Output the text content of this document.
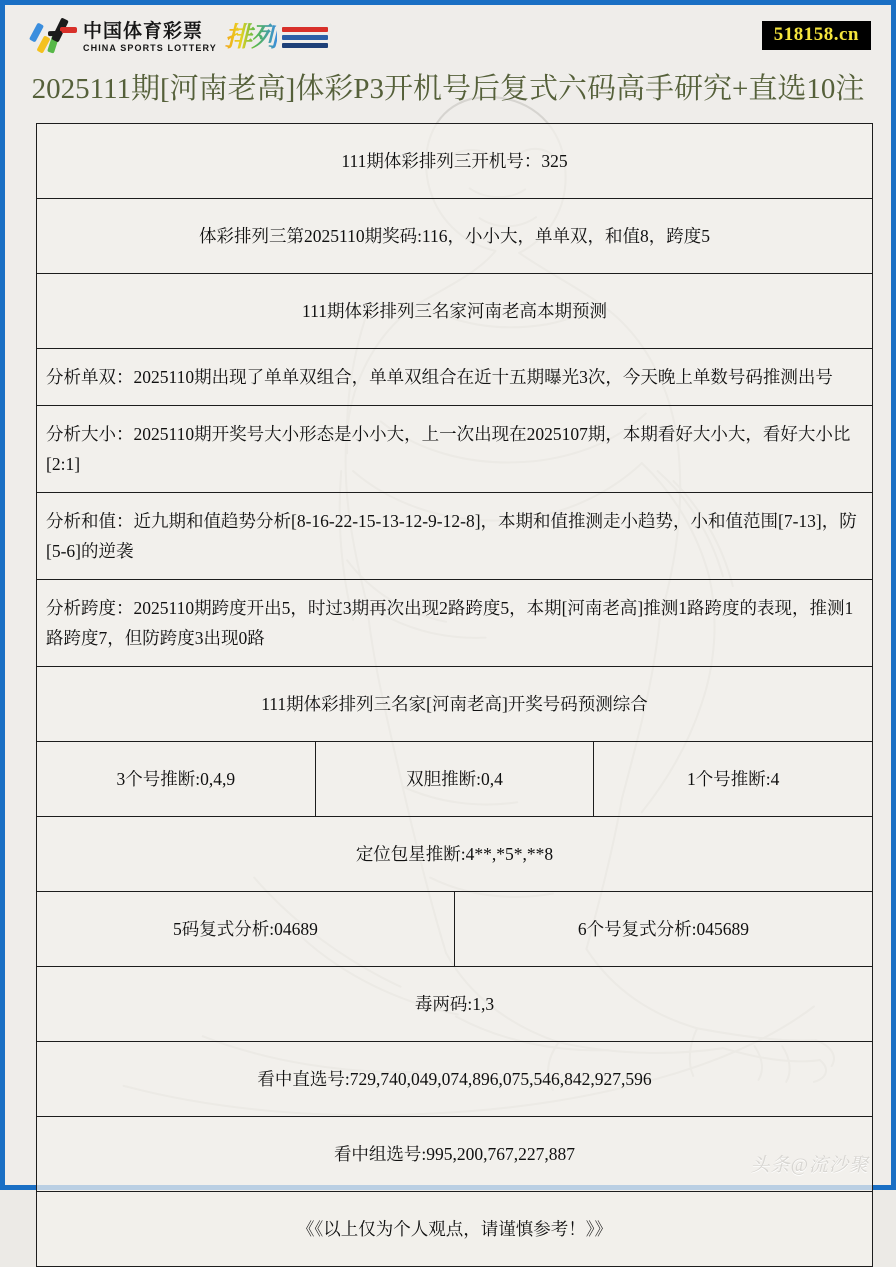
中国体育彩票
CHINA SPORTS LOTTERY 排列	518158.cn
2025111期[河南老高]体彩P3开机号后复式六码高手研究+直选10注
111期体彩排列三开机号：325			
体彩排列三第2025110期奖码:116，小小大，单单双，和值8，跨度5			
111期体彩排列三名家河南老高本期预测			
分析单双：2025110期出现了单单双组合，单单双组合在近十五期曝光3次，今天晚上单数号码推测出号			
分析大小：2025110期开奖号大小形态是小小大，上一次出现在2025107期，本期看好大小大，看好大小比[2:1]			
分析和值：近九期和值趋势分析[8-16-22-15-13-12-9-12-8]，本期和值推测走小趋势，小和值范围[7-13]，防[5-6]的逆袭			
分析跨度：2025110期跨度开出5，时过3期再次出现2路跨度5，本期[河南老高]推测1路跨度的表现，推测1路跨度7，但防跨度3出现0路			
111期体彩排列三名家[河南老高]开奖号码预测综合			
3个号推断:0,4,9	双胆推断:0,4		1个号推断:4
定位包星推断:4**,*5*,**8			
5码复式分析:04689		6个号复式分析:045689	
毒两码:1,3			
看中直选号:729,740,049,074,896,075,546,842,927,596			
看中组选号:995,200,767,227,887			
《《以上仅为个人观点，请谨慎参考！》》			
头条@流沙聚
